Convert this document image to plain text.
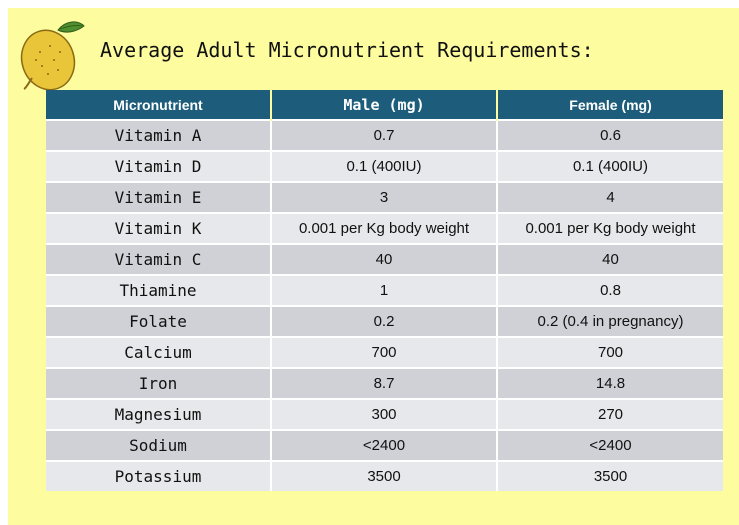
Average Adult Micronutrient Requirements:
Micronutrient	Male (mg)	Female (mg)
Vitamin A	0.7	0.6
Vitamin D	0.1 (400IU)	0.1 (400IU)
Vitamin E	3	4
Vitamin K	0.001 per Kg body weight	0.001 per Kg body weight
Vitamin C	40	40
Thiamine	1	0.8
Folate	0.2	0.2 (0.4 in pregnancy)
Calcium	700	700
Iron	8.7	14.8
Magnesium	300	270
Sodium	<2400	<2400
Potassium	3500	3500
